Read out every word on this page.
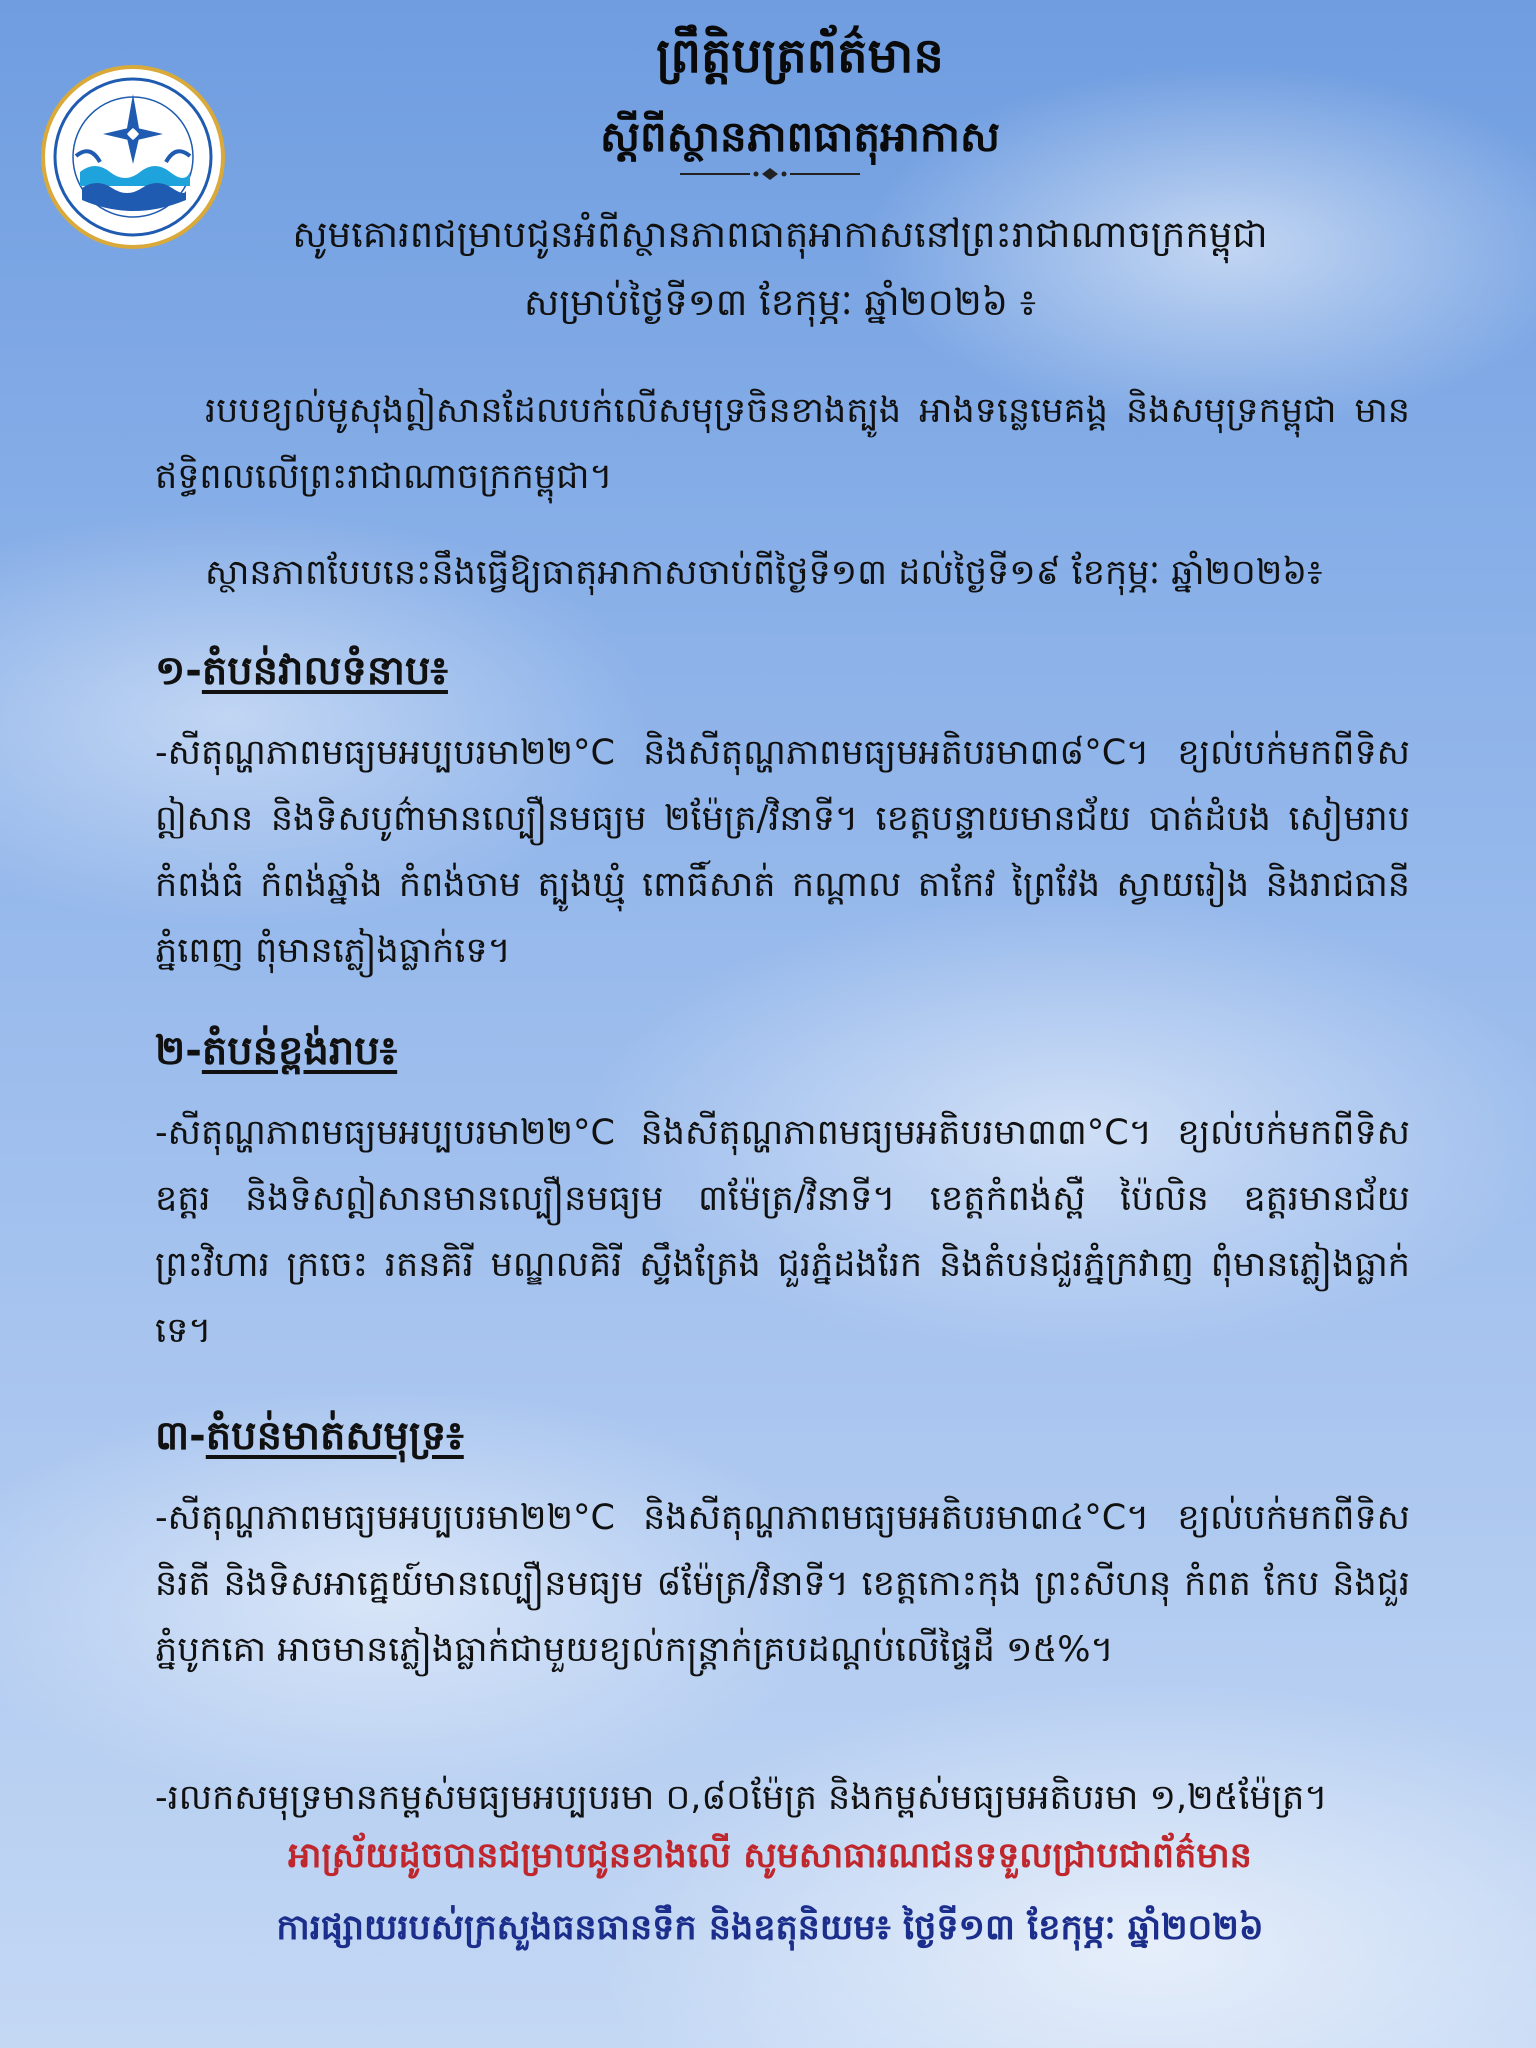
ព្រឹត្តិបត្រព័ត៌មាន
ស្តីពីស្ថានភាពធាតុអាកាស

សូមគោរពជម្រាបជូនអំពីស្ថានភាពធាតុអាកាសនៅព្រះរាជាណាចក្រកម្ពុជា

សម្រាប់ថ្ងៃទី១៣ ខែកុម្ភៈ ឆ្នាំ២០២៦ ៖

របបខ្យល់មូសុងឦសានដែលបក់លើសមុទ្រចិនខាងត្បូង អាងទន្លេមេគង្គ និងសមុទ្រកម្ពុជា មានឥទ្ធិពលលើព្រះរាជាណាចក្រកម្ពុជា។

ស្ថានភាពបែបនេះនឹងធ្វើឱ្យធាតុអាកាសចាប់ពីថ្ងៃទី១៣ ដល់ថ្ងៃទី១៩ ខែកុម្ភៈ ឆ្នាំ២០២៦៖

១-តំបន់វាលទំនាប៖

-សីតុណ្ហភាពមធ្យមអប្បបរមា២២°C និងសីតុណ្ហភាពមធ្យមអតិបរមា៣៨°C។ ខ្យល់បក់មកពីទិស ឦសាន និងទិសបូព៌ាមានល្បឿនមធ្យម ២ម៉ែត្រ/វិនាទី។ ខេត្តបន្ទាយមានជ័យ បាត់ដំបង សៀមរាប កំពង់ធំ កំពង់ឆ្នាំង កំពង់ចាម ត្បូងឃ្មុំ ពោធិ៍សាត់ កណ្តាល តាកែវ ព្រៃវែង ស្វាយរៀង និងរាជធានីភ្នំពេញ ពុំមានភ្លៀងធ្លាក់ទេ។

២-តំបន់ខ្ពង់រាប៖

-សីតុណ្ហភាពមធ្យមអប្បបរមា២២°C និងសីតុណ្ហភាពមធ្យមអតិបរមា៣៣°C។ ខ្យល់បក់មកពីទិសឧត្តរ និងទិសឦសានមានល្បឿនមធ្យម ៣ម៉ែត្រ/វិនាទី។ ខេត្តកំពង់ស្ពឺ ប៉ៃលិន ឧត្តរមានជ័យ ព្រះវិហារ ក្រចេះ រតនគិរី មណ្ឌលគិរី ស្ទឹងត្រែង ជួរភ្នំដងរែក និងតំបន់ជួរភ្នំក្រវាញ ពុំមានភ្លៀងធ្លាក់ទេ។

៣-តំបន់មាត់សមុទ្រ៖

-សីតុណ្ហភាពមធ្យមអប្បបរមា២២°C និងសីតុណ្ហភាពមធ្យមអតិបរមា៣៤°C។ ខ្យល់បក់មកពីទិសនិរតី និងទិសអាគ្នេយ៍មានល្បឿនមធ្យម ៨ម៉ែត្រ/វិនាទី។ ខេត្តកោះកុង ព្រះសីហនុ កំពត កែប និងជួរភ្នំបូកគោ អាចមានភ្លៀងធ្លាក់ជាមួយខ្យល់កន្ត្រាក់គ្របដណ្តប់លើផ្ទៃដី ១៥%។

-រលកសមុទ្រមានកម្ពស់មធ្យមអប្បបរមា ០,៨០ម៉ែត្រ និងកម្ពស់មធ្យមអតិបរមា ១,២៥ម៉ែត្រ។

អាស្រ័យដូចបានជម្រាបជូនខាងលើ សូមសាធារណជនទទួលជ្រាបជាព័ត៌មាន

ការផ្សាយរបស់ក្រសួងធនធានទឹក និងឧតុនិយម៖ ថ្ងៃទី១៣ ខែកុម្ភៈ ឆ្នាំ២០២៦
